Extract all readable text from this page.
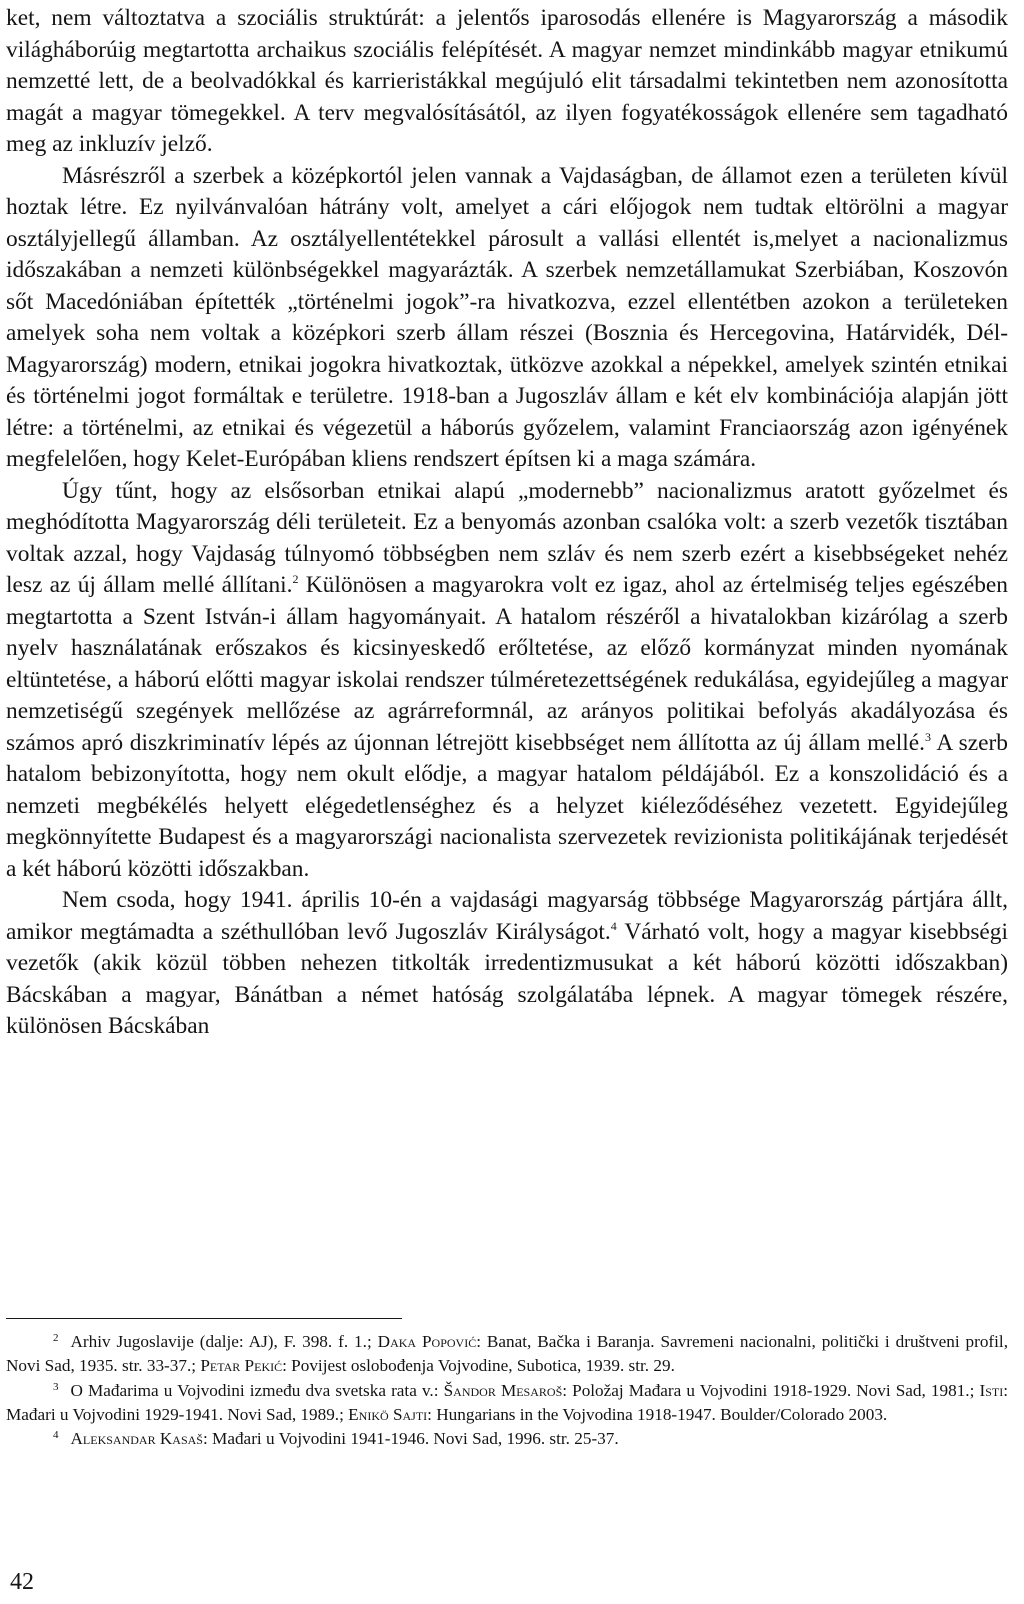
ket, nem változtatva a szociális struktúrát: a jelentős iparosodás ellenére is Magyarország a második világháborúig megtartotta archaikus szociális felépítését. A magyar nemzet mindinkább magyar etnikumú nemzetté lett, de a beolvadókkal és karrieristákkal megújuló elit társadalmi tekintetben nem azonosította magát a magyar tömegekkel. A terv megvalósításától, az ilyen fogyatékosságok ellenére sem tagadható meg az inkluzív jelző.

Másrészről a szerbek a középkortól jelen vannak a Vajdaságban, de államot ezen a területen kívül hoztak létre. Ez nyilvánvalóan hátrány volt, amelyet a cári előjogok nem tudtak eltörölni a magyar osztályjellegű államban. Az osztályellentétekkel párosult a vallási ellentét is,melyet a nacionalizmus időszakában a nemzeti különbségekkel magyarázták. A szerbek nemzetállamukat Szerbiában, Koszovón sőt Macedóniában építették „történelmi jogok”-ra hivatkozva, ezzel ellentétben azokon a területeken amelyek soha nem voltak a középkori szerb állam részei (Bosznia és Hercegovina, Határvidék, Dél-Magyarország) modern, etnikai jogokra hivatkoztak, ütközve azokkal a népekkel, amelyek szintén etnikai és történelmi jogot formáltak e területre. 1918-ban a Jugoszláv állam e két elv kombinációja alapján jött létre: a történelmi, az etnikai és végezetül a háborús győzelem, valamint Franciaország azon igényének megfelelően, hogy Kelet-Európában kliens rendszert építsen ki a maga számára.

Úgy tűnt, hogy az elsősorban etnikai alapú „modernebb” nacionalizmus aratott győzelmet és meghódította Magyarország déli területeit. Ez a benyomás azonban csalóka volt: a szerb vezetők tisztában voltak azzal, hogy Vajdaság túlnyomó többségben nem szláv és nem szerb ezért a kisebbségeket nehéz lesz az új állam mellé állítani.$^2$ Különösen a magyarokra volt ez igaz, ahol az értelmiség teljes egészében megtartotta a Szent István-i állam hagyományait. A hatalom részéről a hivatalokban kizárólag a szerb nyelv használatának erőszakos és kicsinyeskedő erőltetése, az előző kormányzat minden nyomának eltüntetése, a háború előtti magyar iskolai rendszer túlméretezettségének redukálása, egyidejűleg a magyar nemzetiségű szegények mellőzése az agrárreformnál, az arányos politikai befolyás akadályozása és számos apró diszkriminatív lépés az újonnan létrejött kisebbséget nem állította az új állam mellé.$^3$ A szerb hatalom bebizonyította, hogy nem okult elődje, a magyar hatalom példájából. Ez a konszolidáció és a nemzeti megbékélés helyett elégedetlenséghez és a helyzet kiéleződéséhez vezetett. Egyidejűleg megkönnyítette Budapest és a magyarországi nacionalista szervezetek revizionista politikájának terjedését a két háború közötti időszakban.

Nem csoda, hogy 1941. április 10-én a vajdasági magyarság többsége Magyarország pártjára állt, amikor megtámadta a széthullóban levő Jugoszláv Királyságot.$^4$ Várható volt, hogy a magyar kisebbségi vezetők (akik közül többen nehezen titkolták irredentizmusukat a két háború közötti időszakban) Bácskában a magyar, Bánátban a német hatóság szolgálatába lépnek. A magyar tömegek részére, különösen Bácskában

$^2$ Arhiv Jugoslavije (dalje: AJ), F. 398. f. 1.; Daka Popović: Banat, Bačka i Baranja. Savremeni nacionalni, politički i društveni profil, Novi Sad, 1935. str. 33-37.; Petar Pekić: Povijest oslobođenja Vojvodine, Subotica, 1939. str. 29.

$^3$ O Mađarima u Vojvodini između dva svetska rata v.: Šandor Mesaroš: Položaj Mađara u Vojvodini 1918-1929. Novi Sad, 1981.; Isti: Mađari u Vojvodini 1929-1941. Novi Sad, 1989.; Enikö Sajti: Hungarians in the Vojvodina 1918-1947. Boulder/Colorado 2003.

$^4$ Aleksandar Kasaš: Mađari u Vojvodini 1941-1946. Novi Sad, 1996. str. 25-37.

42
